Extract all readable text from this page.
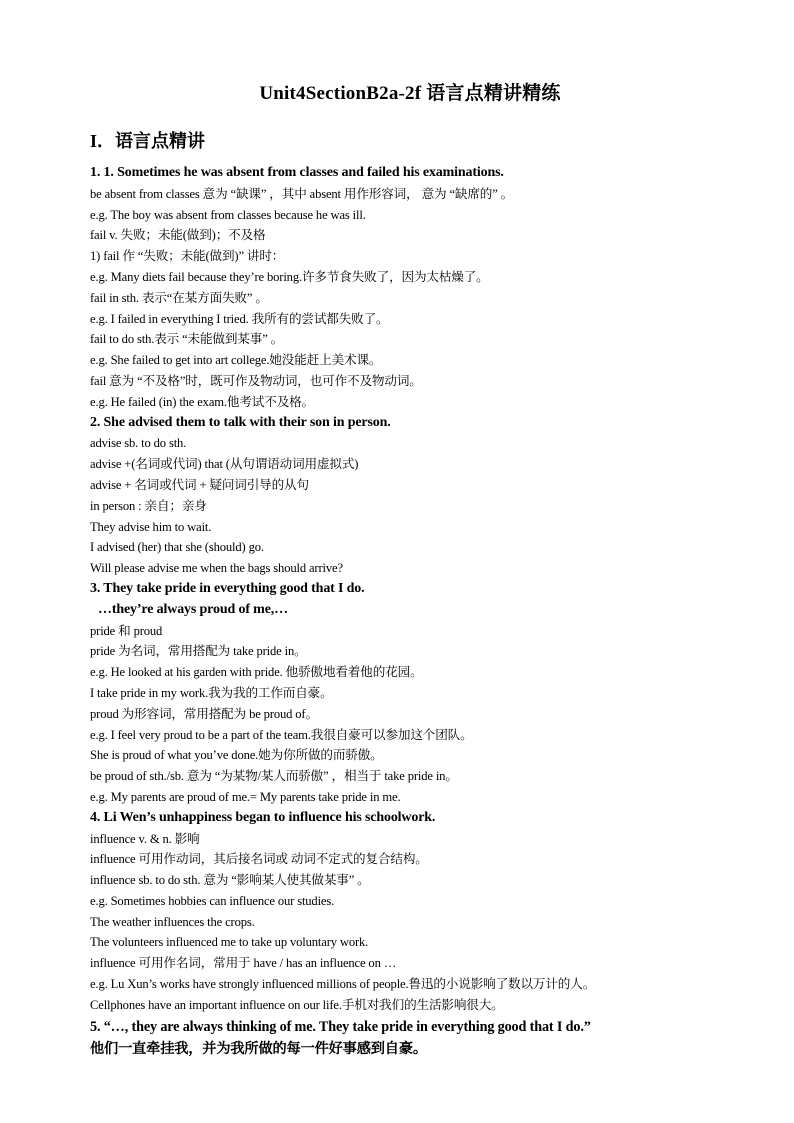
Unit4SectionB2a-2f 语言点精讲精练
I．语言点精讲

1. 1. Sometimes he was absent from classes and failed his examinations.

be absent from classes 意为 “缺课” ，其中 absent 用作形容词， 意为 “缺席的” 。

e.g. The boy was absent from classes because he was ill.

fail v. 失败；未能(做到)；不及格

1) fail 作 “失败；未能(做到)” 讲时：

e.g. Many diets fail because they’re boring.许多节食失败了，因为太枯燥了。

fail in sth. 表示“在某方面失败” 。

e.g. I failed in everything I tried. 我所有的尝试都失败了。

fail to do sth.表示 “未能做到某事” 。

e.g. She failed to get into art college.她没能赶上美术课。

fail 意为 “不及格”时，既可作及物动词，也可作不及物动词。

e.g. He failed (in) the exam.他考试不及格。

2. She advised them to talk with their son in person.

advise sb. to do sth.

advise +(名词或代词) that (从句谓语动词用虚拟式)

advise + 名词或代词 + 疑问词引导的从句

in person : 亲自；亲身

They advise him to wait.

I advised (her) that she (should) go.

Will please advise me when the bags should arrive?

3. They take pride in everything good that I do.

…they’re always proud of me,…

pride 和 proud

pride 为名词，常用搭配为 take pride in。

e.g. He looked at his garden with pride. 他骄傲地看着他的花园。

I take pride in my work.我为我的工作而自豪。

proud 为形容词，常用搭配为 be proud of。

e.g. I feel very proud to be a part of the team.我很自豪可以参加这个团队。

She is proud of what you’ve done.她为你所做的而骄傲。

be proud of sth./sb. 意为 “为某物/某人而骄傲” ，相当于 take pride in。

e.g. My parents are proud of me.= My parents take pride in me.

4. Li Wen’s unhappiness began to influence his schoolwork.

influence v. & n. 影响

influence 可用作动词，其后接名词或 动词不定式的复合结构。

influence sb. to do sth. 意为 “影响某人使其做某事” 。

e.g. Sometimes hobbies can influence our studies.

The weather influences the crops.

The volunteers influenced me to take up voluntary work.

influence 可用作名词，常用于 have / has an influence on …

e.g. Lu Xun’s works have strongly influenced millions of people.鲁迅的小说影响了数以万计的人。

Cellphones have an important influence on our life.手机对我们的生活影响很大。

5. “…, they are always thinking of me. They take pride in everything good that I do.”

他们一直牵挂我，并为我所做的每一件好事感到自豪。
